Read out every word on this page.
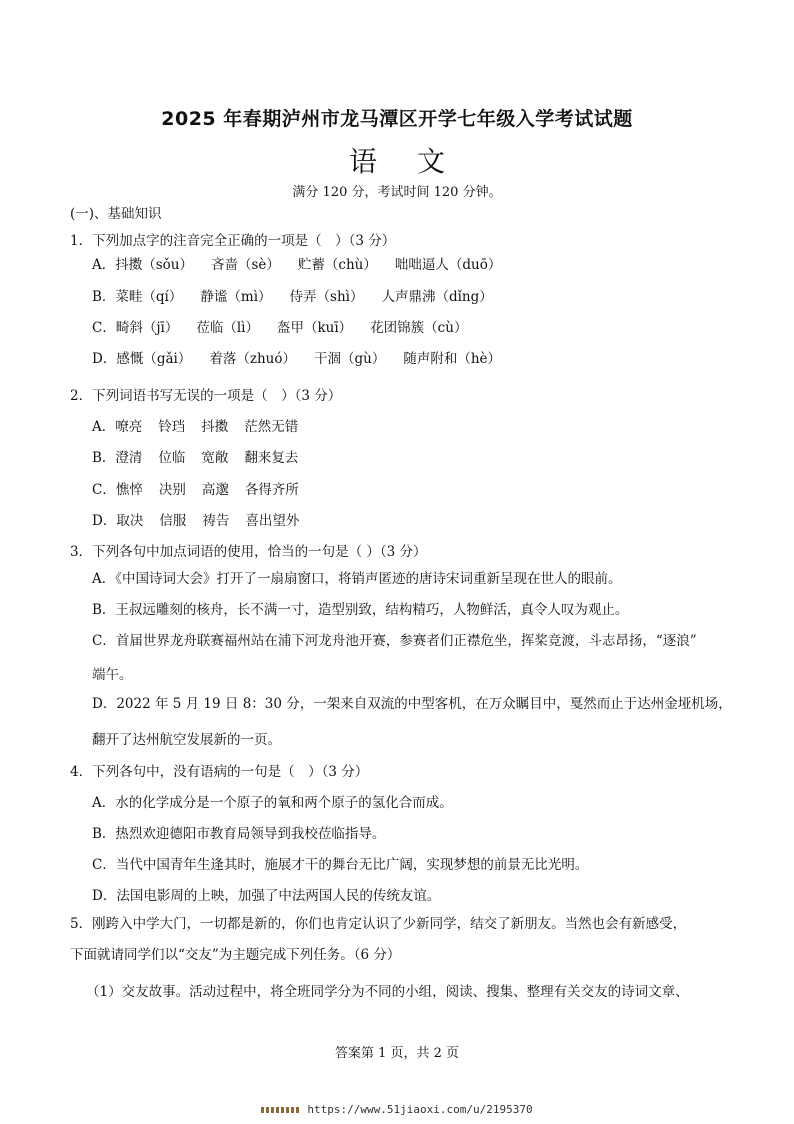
2025 年春期泸州市龙马潭区开学七年级入学考试试题
语文
满分 120 分，考试时间 120 分钟。
(一)、基础知识
1．下列加点字的注音完全正确的一项是（　）（3 分）
A．抖擞（sǒu） 吝啬（sè） 贮蓄（chù） 咄咄逼人（duō）
B．菜畦（qí） 静谧（mì） 侍弄（shì） 人声鼎沸（dǐng）
C．畸斜（jī） 莅临（lì） 盔甲（kuī） 花团锦簇（cù）
D．感慨（gǎi） 着落（zhuó） 干涸（gù） 随声附和（hè）
2．下列词语书写无误的一项是（　）（3 分）
A．嘹亮 铃珰 抖擞 茫然无错
B．澄清 位临 宽敞 翻来复去
C．憔悴 决别 高邈 各得齐所
D．取决 信服 祷告 喜出望外
3．下列各句中加点词语的使用，恰当的一句是（ ）（3 分）
A．《中国诗词大会》打开了一扇扇窗口，将销声匿迹的唐诗宋词重新呈现在世人的眼前。
B．王叔远雕刻的核舟，长不满一寸，造型别致，结构精巧，人物鲜活，真令人叹为观止。
C．首届世界龙舟联赛福州站在浦下河龙舟池开赛，参赛者们正襟危坐，挥桨竞渡，斗志昂扬，“逐浪”
端午。
D．2022 年 5 月 19 日 8：30 分，一架来自双流的中型客机，在万众瞩目中，戛然而止于达州金垭机场，
翻开了达州航空发展新的一页。
4．下列各句中，没有语病的一句是（　）（3 分）
A．水的化学成分是一个原子的氧和两个原子的氢化合而成。
B．热烈欢迎德阳市教育局领导到我校莅临指导。
C．当代中国青年生逢其时，施展才干的舞台无比广阔，实现梦想的前景无比光明。
D．法国电影周的上映，加强了中法两国人民的传统友谊。
5．刚跨入中学大门，一切都是新的，你们也肯定认识了少新同学，结交了新朋友。当然也会有新感受，
下面就请同学们以“交友”为主题完成下列任务。（6 分）
（1）交友故事。活动过程中，将全班同学分为不同的小组，阅读、搜集、整理有关交友的诗词文章、
答案第 1 页，共 2 页
https://www.51jiaoxi.com/u/2195370
